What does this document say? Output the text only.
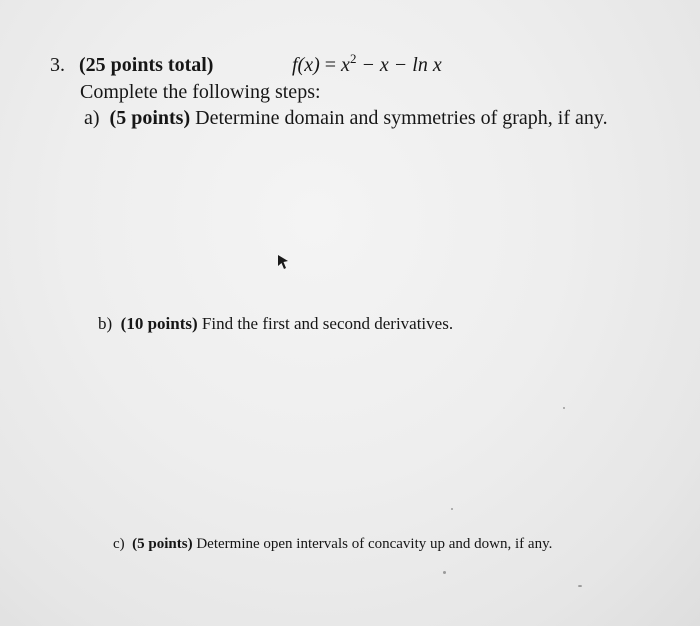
3. (25 points total)	$f(x) = x^2 - x - \ln x$
Complete the following steps:
a) (5 points) Determine domain and symmetries of graph, if any.
b) (10 points) Find the first and second derivatives.
c) (5 points) Determine open intervals of concavity up and down, if any.
